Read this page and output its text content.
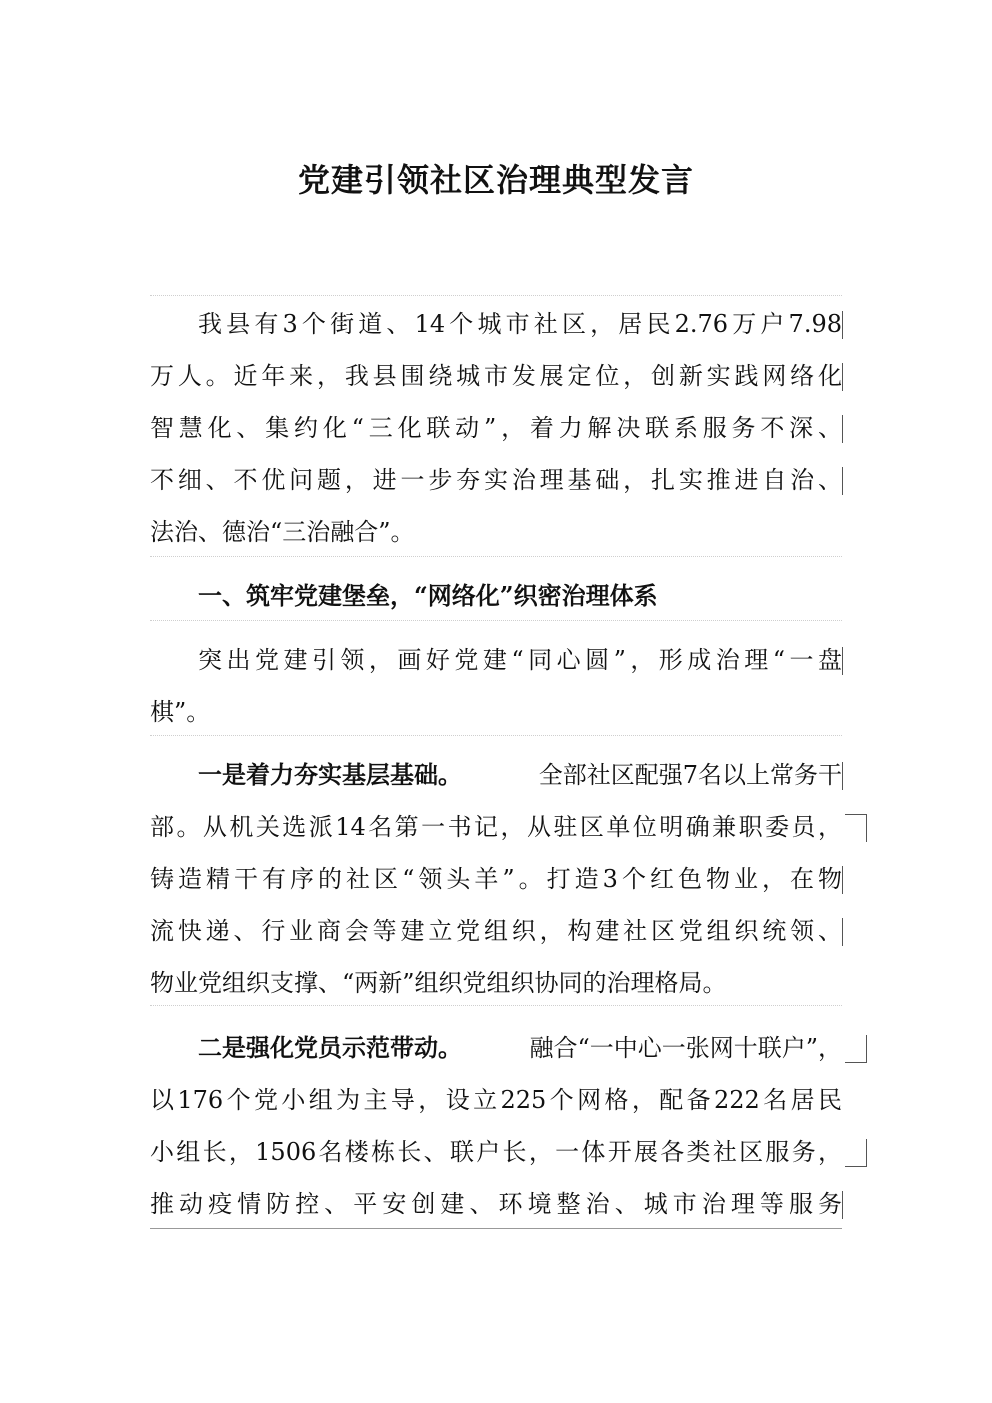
党建引领社区治理典型发言
我县有3个街道、14个城市社区，居民2.76万户7.98
万人。近年来，我县围绕城市发展定位，创新实践网络化
智慧化、集约化“三化联动”，着力解决联系服务不深、
不细、不优问题，进一步夯实治理基础，扎实推进自治、
法治、德治“三治融合”。
一、筑牢党建堡垒，“网络化”织密治理体系
突出党建引领，画好党建“同心圆”，形成治理“一盘
棋”。
一是着力夯实基层基础。	全部社区配强7名以上常务干
部。从机关选派14名第一书记，从驻区单位明确兼职委员，
铸造精干有序的社区“领头羊”。打造3个红色物业，在物
流快递、行业商会等建立党组织，构建社区党组织统领、
物业党组织支撑、“两新”组织党组织协同的治理格局。
二是强化党员示范带动。	融合“一中心一张网十联户”，
以176个党小组为主导，设立225个网格，配备222名居民
小组长，1506名楼栋长、联户长，一体开展各类社区服务，
推动疫情防控、平安创建、环境整治、城市治理等服务
